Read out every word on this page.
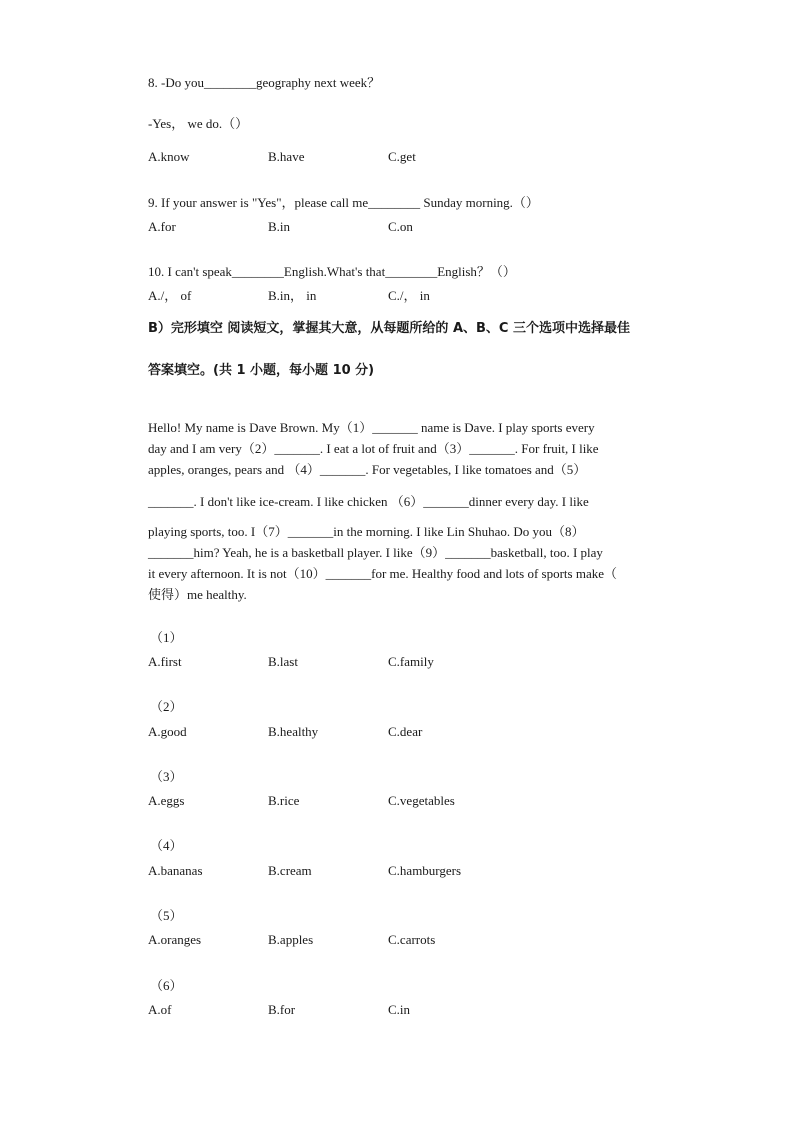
8. -Do you________geography next week？
-Yes， we do.（）
A.know	B.have	C.get
9. If your answer is "Yes"，please call me________ Sunday morning.（）
A.for	B.in	C.on
10. I can't speak________English.What's that________English？（）
A./， of	B.in， in	C./， in
B）完形填空 阅读短文，掌握其大意，从每题所给的 A、B、C 三个选项中选择最佳
答案填空。(共 1 小题，每小题 10 分)
Hello! My name is Dave Brown. My（1）_______ name is Dave. I play sports every
day and I am very（2）_______. I eat a lot of fruit and（3）_______. For fruit, I like
apples, oranges, pears and （4）_______. For vegetables, I like tomatoes and（5）
_______. I don't like ice-cream. I like chicken （6）_______dinner every day. I like
playing sports, too. I（7）_______in the morning. I like Lin Shuhao. Do you（8）
_______him? Yeah, he is a basketball player. I like（9）_______basketball, too. I play
it every afternoon. It is not（10）_______for me. Healthy food and lots of sports make（
使得）me healthy.
（1）
A.first	B.last	C.family
（2）
A.good	B.healthy	C.dear
（3）
A.eggs	B.rice	C.vegetables
（4）
A.bananas	B.cream	C.hamburgers
（5）
A.oranges	B.apples	C.carrots
（6）
A.of	B.for	C.in
